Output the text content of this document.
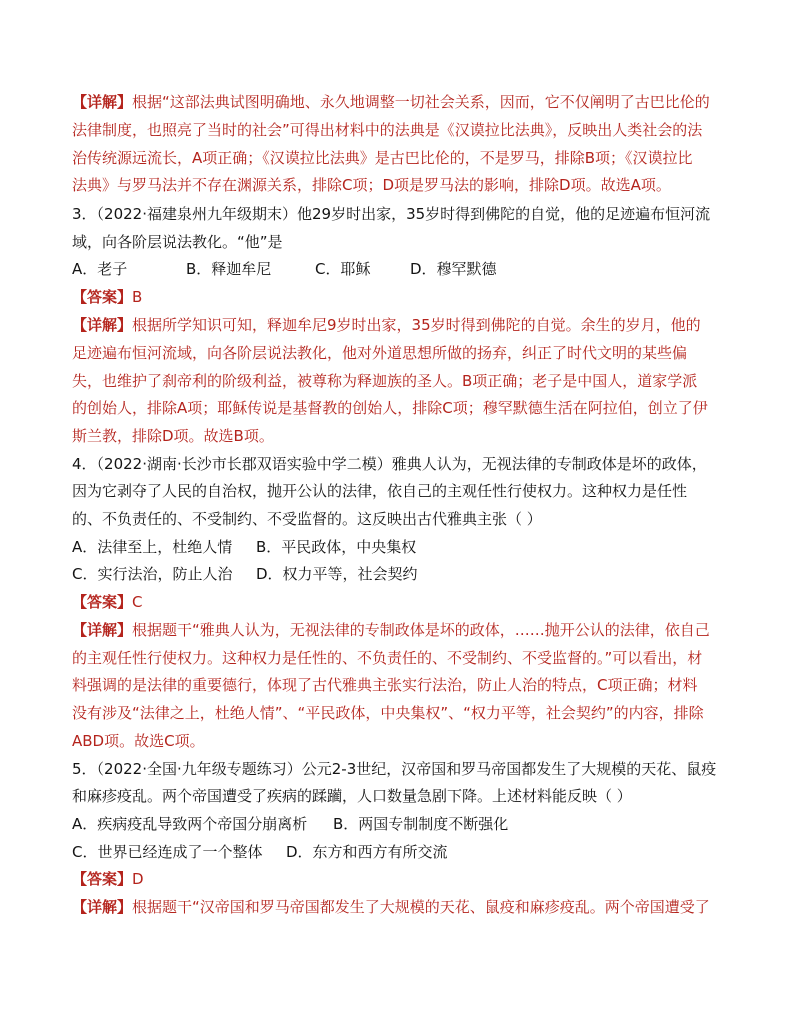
【详解】根据“这部法典试图明确地、永久地调整一切社会关系，因而，它不仅阐明了古巴比伦的
法律制度，也照亮了当时的社会”可得出材料中的法典是《汉谟拉比法典》，反映出人类社会的法
治传统源远流长，A项正确；《汉谟拉比法典》是古巴比伦的，不是罗马，排除B项；《汉谟拉比
法典》与罗马法并不存在渊源关系，排除C项；D项是罗马法的影响，排除D项。故选A项。
3．（2022·福建泉州九年级期末）他29岁时出家，35岁时得到佛陀的自觉，他的足迹遍布恒河流
域，向各阶层说法教化。“他”是
A．老子	B．释迦牟尼	C．耶稣	D．穆罕默德
【答案】B
【详解】根据所学知识可知，释迦牟尼9岁时出家，35岁时得到佛陀的自觉。余生的岁月，他的
足迹遍布恒河流域，向各阶层说法教化，他对外道思想所做的扬弃，纠正了时代文明的某些偏
失，也维护了刹帝利的阶级利益，被尊称为释迦族的圣人。B项正确；老子是中国人，道家学派
的创始人，排除A项；耶稣传说是基督教的创始人，排除C项；穆罕默德生活在阿拉伯，创立了伊
斯兰教，排除D项。故选B项。
4．（2022·湖南·长沙市长郡双语实验中学二模）雅典人认为，无视法律的专制政体是坏的政体，
因为它剥夺了人民的自治权，抛开公认的法律，依自己的主观任性行使权力。这种权力是任性
的、不负责任的、不受制约、不受监督的。这反映出古代雅典主张（ ）
A．法律至上，杜绝人情 B．平民政体，中央集权
C．实行法治，防止人治 D．权力平等，社会契约
【答案】C
【详解】根据题干“雅典人认为，无视法律的专制政体是坏的政体，……抛开公认的法律，依自己
的主观任性行使权力。这种权力是任性的、不负责任的、不受制约、不受监督的。”可以看出，材
料强调的是法律的重要德行，体现了古代雅典主张实行法治，防止人治的特点，C项正确；材料
没有涉及“法律之上，杜绝人情”、“平民政体，中央集权”、“权力平等，社会契约”的内容，排除
ABD项。故选C项。
5．（2022·全国·九年级专题练习）公元2-3世纪，汉帝国和罗马帝国都发生了大规模的天花、鼠疫
和麻疹疫乱。两个帝国遭受了疾病的蹂躏，人口数量急剧下降。上述材料能反映（ ）
A．疾病疫乱导致两个帝国分崩离析 B．两国专制制度不断强化
C．世界已经连成了一个整体 D．东方和西方有所交流
【答案】D
【详解】根据题干“汉帝国和罗马帝国都发生了大规模的天花、鼠疫和麻疹疫乱。两个帝国遭受了
